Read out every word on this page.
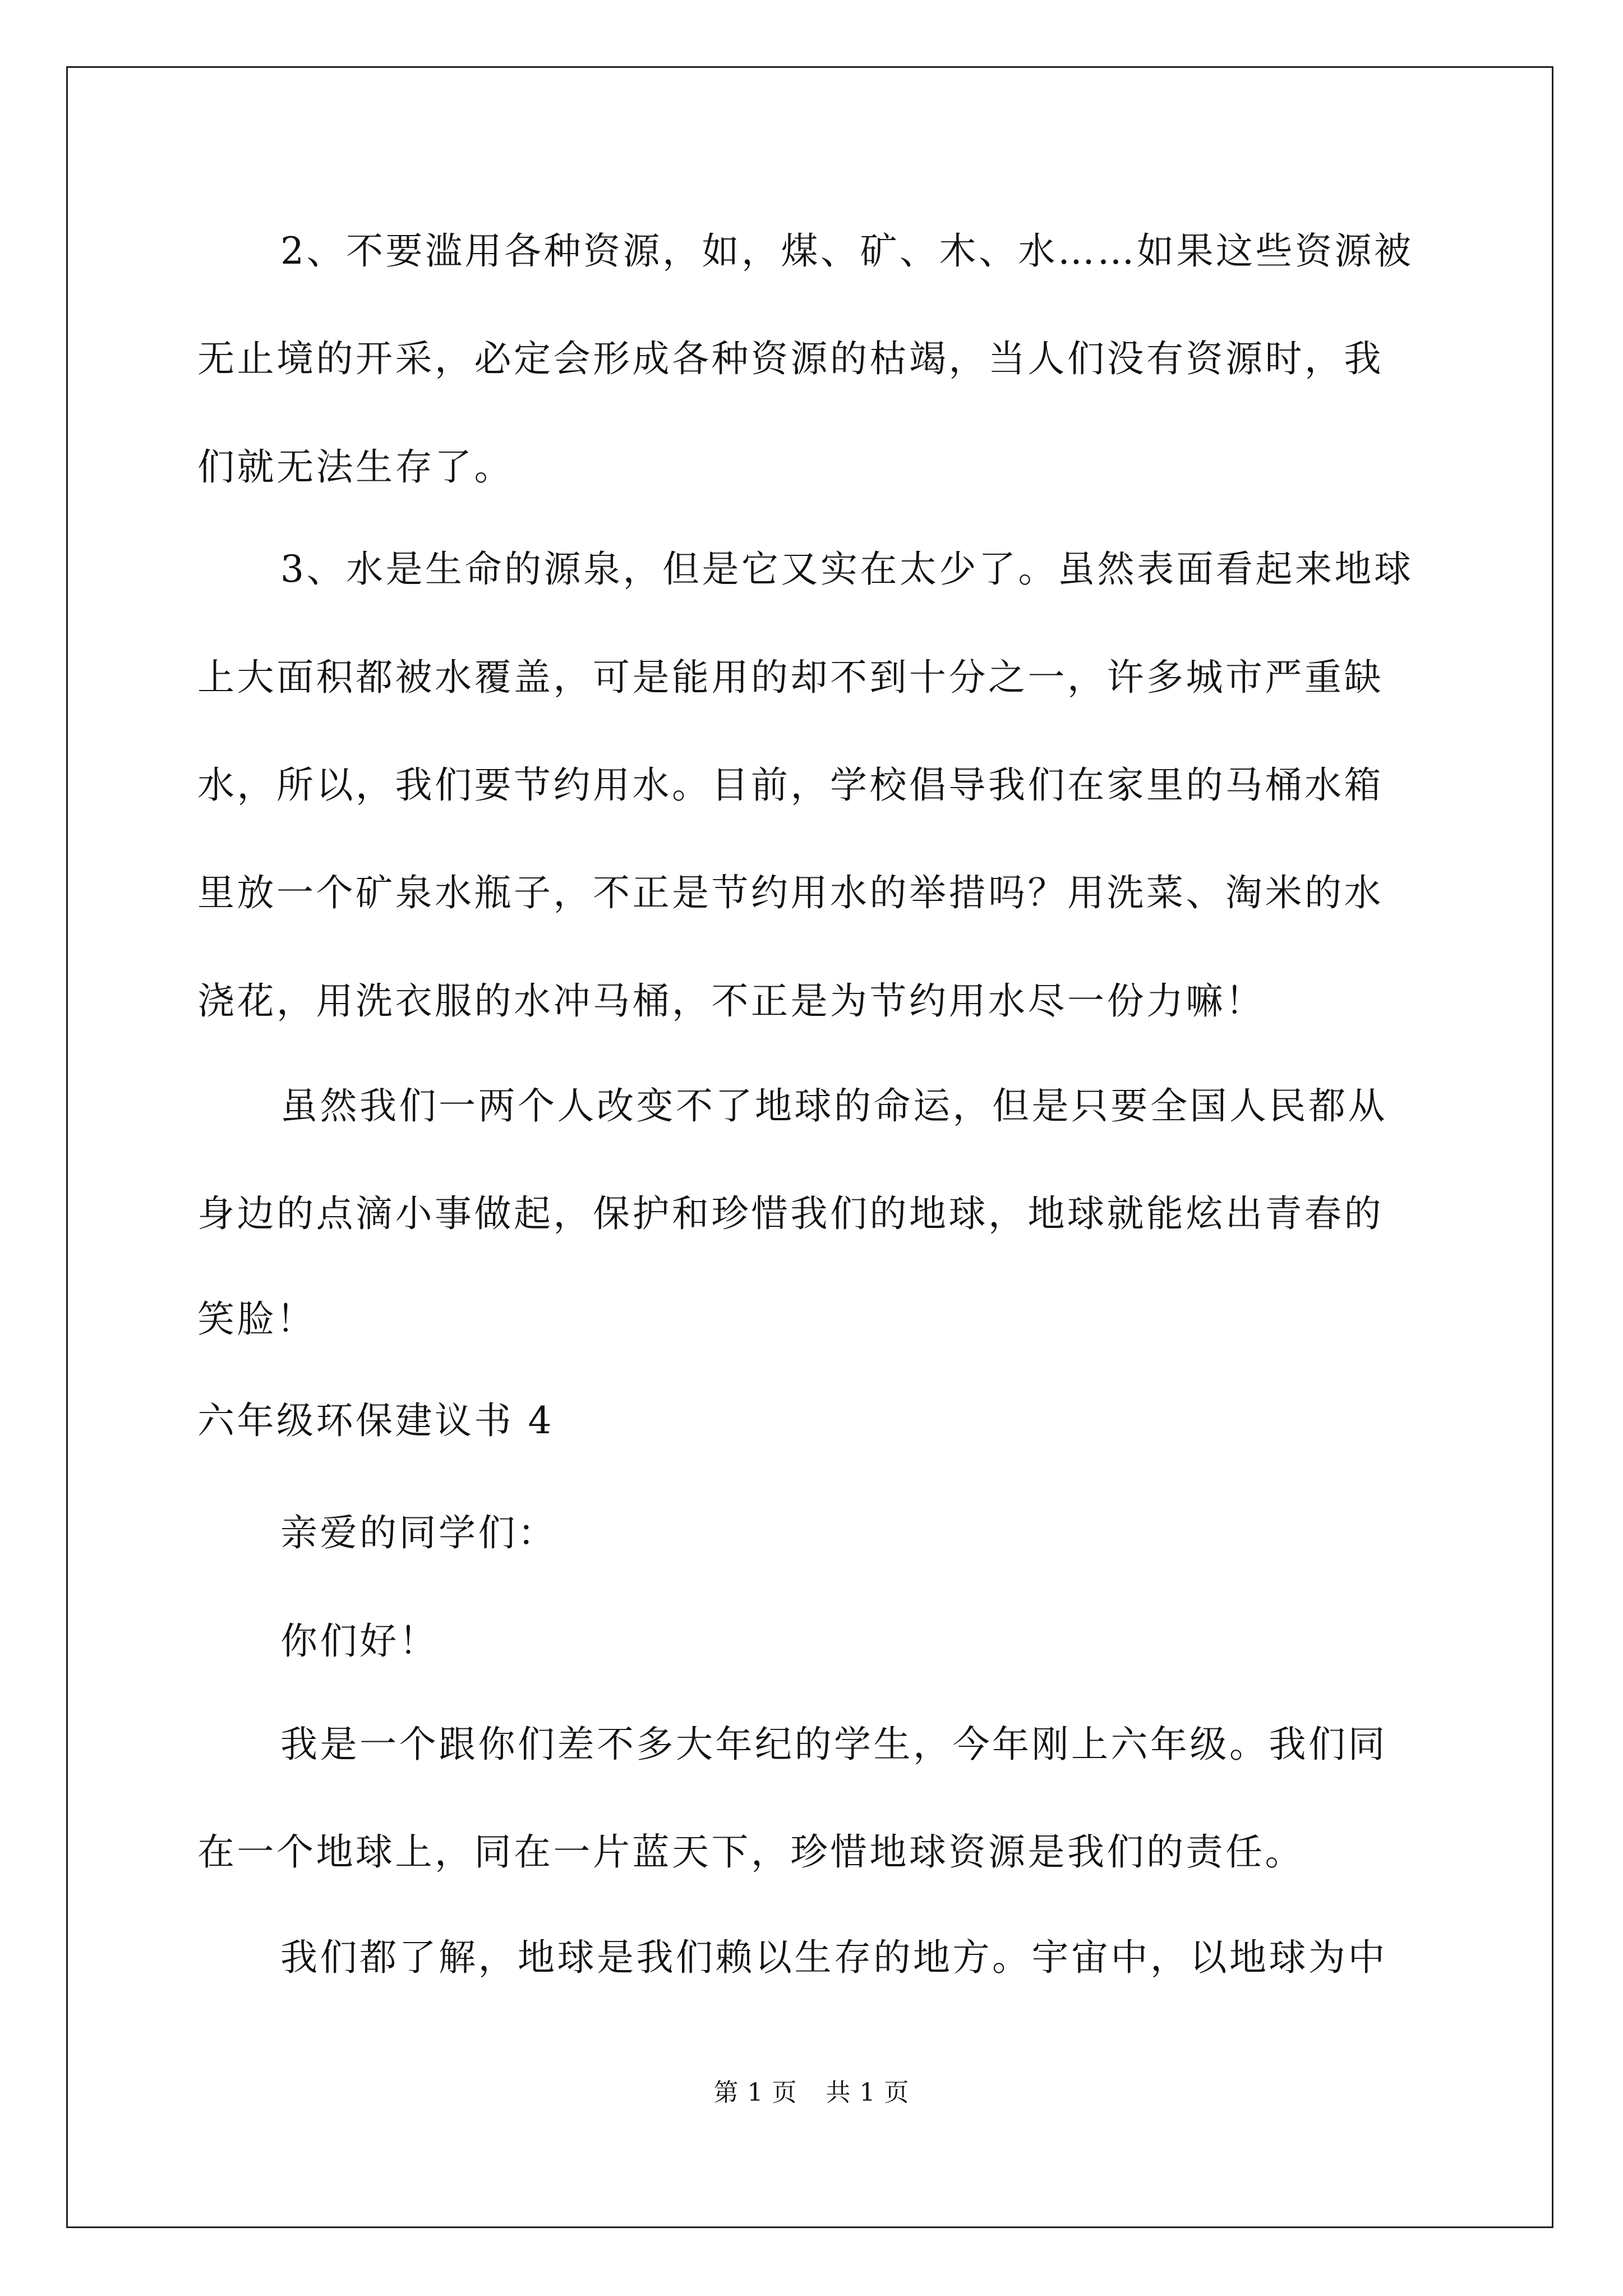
2、不要滥用各种资源，如，煤、矿、木、水……如果这些资源被

无止境的开采，必定会形成各种资源的枯竭，当人们没有资源时，我

们就无法生存了。

3、水是生命的源泉，但是它又实在太少了。虽然表面看起来地球

上大面积都被水覆盖，可是能用的却不到十分之一，许多城市严重缺

水，所以，我们要节约用水。目前，学校倡导我们在家里的马桶水箱

里放一个矿泉水瓶子，不正是节约用水的举措吗？用洗菜、淘米的水

浇花，用洗衣服的水冲马桶，不正是为节约用水尽一份力嘛！

虽然我们一两个人改变不了地球的命运，但是只要全国人民都从

身边的点滴小事做起，保护和珍惜我们的地球，地球就能炫出青春的

笑脸！

六年级环保建议书 4

亲爱的同学们：

你们好！

我是一个跟你们差不多大年纪的学生，今年刚上六年级。我们同

在一个地球上，同在一片蓝天下，珍惜地球资源是我们的责任。

我们都了解，地球是我们赖以生存的地方。宇宙中，以地球为中

第 1 页 共 1 页
